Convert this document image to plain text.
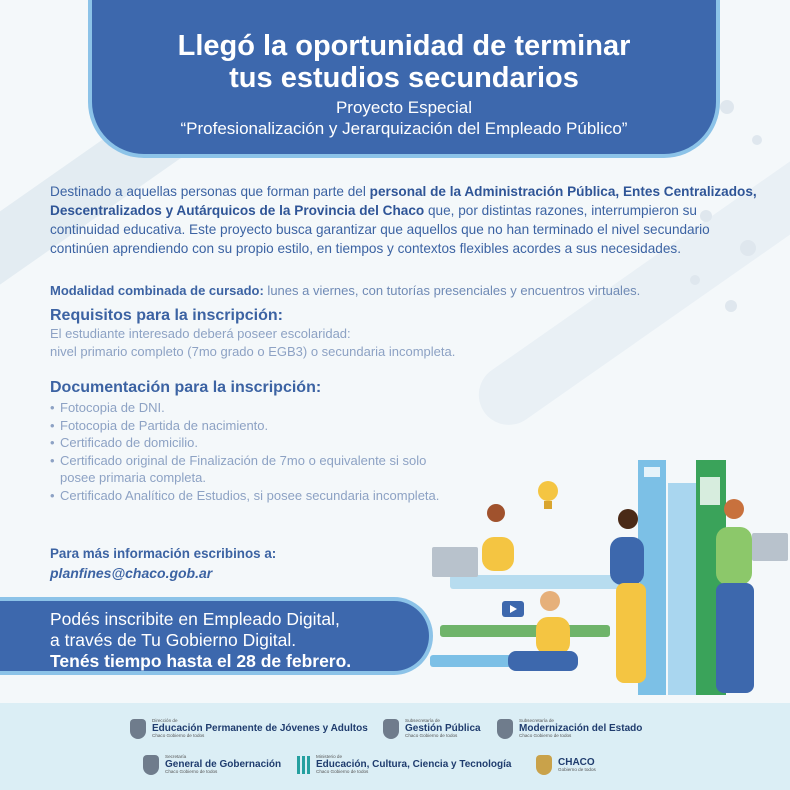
Llegó la oportunidad de terminar
tus estudios secundarios
Proyecto Especial
“Profesionalización y Jerarquización del Empleado Público”
Destinado a aquellas personas que forman parte del personal de la Administración Pública, Entes Centralizados, Descentralizados y Autárquicos de la Provincia del Chaco que, por distintas razones, interrumpieron su continuidad educativa. Este proyecto busca garantizar que aquellos que no han terminado el nivel secundario continúen aprendiendo con su propio estilo, en tiempos y contextos flexibles acordes a sus necesidades.
Modalidad combinada de cursado: lunes a viernes, con tutorías presenciales y encuentros virtuales.
Requisitos para la inscripción:
El estudiante interesado deberá poseer escolaridad:
nivel primario completo (7mo grado o EGB3) o secundaria incompleta.
Documentación para la inscripción:
• Fotocopia de DNI.
• Fotocopia de Partida de nacimiento.
• Certificado de domicilio.
• Certificado original de Finalización de 7mo o equivalente si solo posee primaria completa.
• Certificado Analítico de Estudios, si posee secundaria incompleta.
Para más información escribinos a:
planfines@chaco.gob.ar
Podés inscribite en Empleado Digital,
a través de Tu Gobierno Digital.
Tenés tiempo hasta el 28 de febrero.
Dirección de
Educación Permanente de Jóvenes y Adultos
Chaco Gobierno de todos
Subsecretaría de
Gestión Pública
Chaco Gobierno de todos
Subsecretaría de
Modernización del Estado
Chaco Gobierno de todos
Secretaría
General de Gobernación
Chaco Gobierno de todos
Ministerio de
Educación, Cultura, Ciencia y Tecnología
Chaco Gobierno de todos
CHACO
Gobierno de todos
